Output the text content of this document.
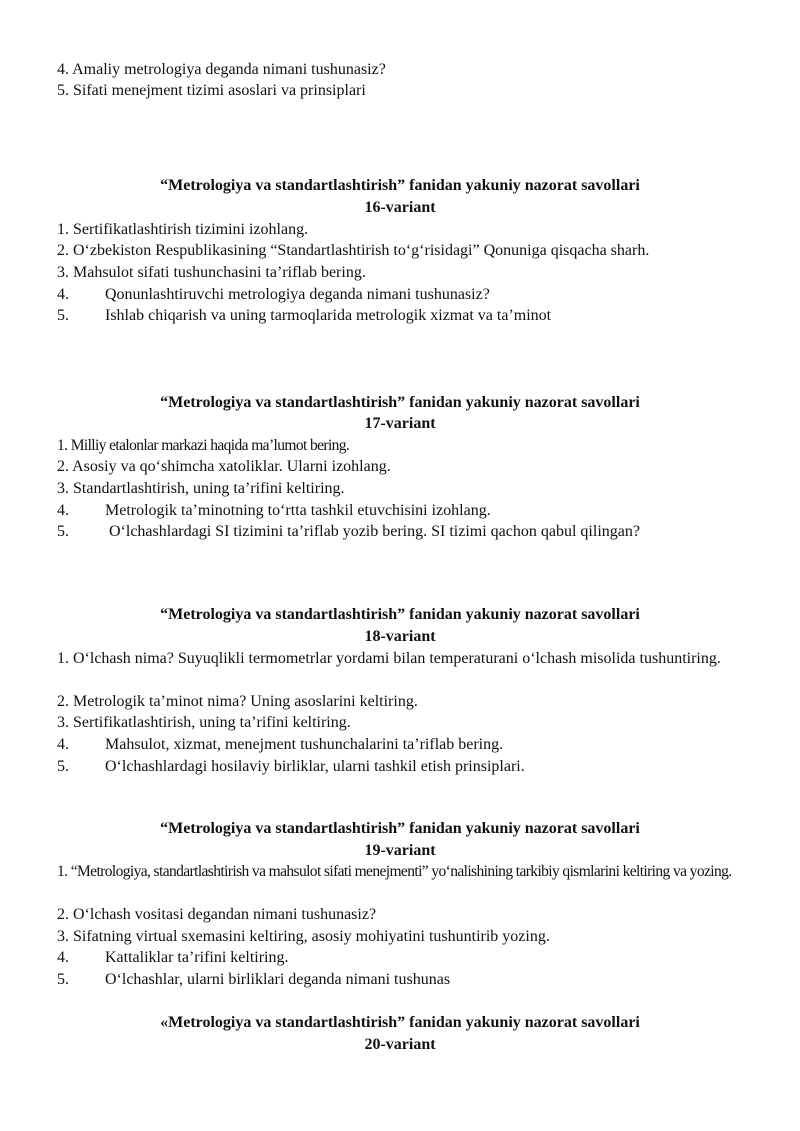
4. Amaliy metrologiya deganda nimani tushunasiz?
5. Sifati menejment tizimi asoslari va prinsiplari
“Metrologiya va standartlashtirish” fanidan yakuniy nazorat savollari
16-variant
1. Sertifikatlashtirish tizimini izohlang.
2. O‘zbekiston Respublikasining “Standartlashtirish to‘g‘risidagi” Qonuniga qisqacha sharh.
3. Mahsulot sifati tushunchasini ta’riflab bering.
4. Qonunlashtiruvchi metrologiya deganda nimani tushunasiz?
5. Ishlab chiqarish va uning tarmoqlarida metrologik xizmat va ta’minot
“Metrologiya va standartlashtirish” fanidan yakuniy nazorat savollari
17-variant
1. Milliy etalonlar markazi haqida ma’lumot bering.
2. Asosiy va qo‘shimcha xatoliklar. Ularni izohlang.
3. Standartlashtirish, uning ta’rifini keltiring.
4. Metrologik ta’minotning to‘rtta tashkil etuvchisini izohlang.
5. O‘lchashlardagi SI tizimini ta’riflab yozib bering. SI tizimi qachon qabul qilingan?
“Metrologiya va standartlashtirish” fanidan yakuniy nazorat savollari
18-variant
1. O‘lchash nima? Suyuqlikli termometrlar yordami bilan temperaturani o‘lchash misolida tushuntiring.
2. Metrologik ta’minot nima? Uning asoslarini keltiring.
3. Sertifikatlashtirish, uning ta’rifini keltiring.
4. Mahsulot, xizmat, menejment tushunchalarini ta’riflab bering.
5. O‘lchashlardagi hosilaviy birliklar, ularni tashkil etish prinsiplari.
“Metrologiya va standartlashtirish” fanidan yakuniy nazorat savollari
19-variant
1. “Metrologiya, standartlashtirish va mahsulot sifati menejmenti” yo‘nalishining tarkibiy qismlarini keltiring va yozing.
2. O‘lchash vositasi degandan nimani tushunasiz?
3. Sifatning virtual sxemasini keltiring, asosiy mohiyatini tushuntirib yozing.
4. Kattaliklar ta’rifini keltiring.
5. O‘lchashlar, ularni birliklari deganda nimani tushunas
«Metrologiya va standartlashtirish” fanidan yakuniy nazorat savollari
20-variant
